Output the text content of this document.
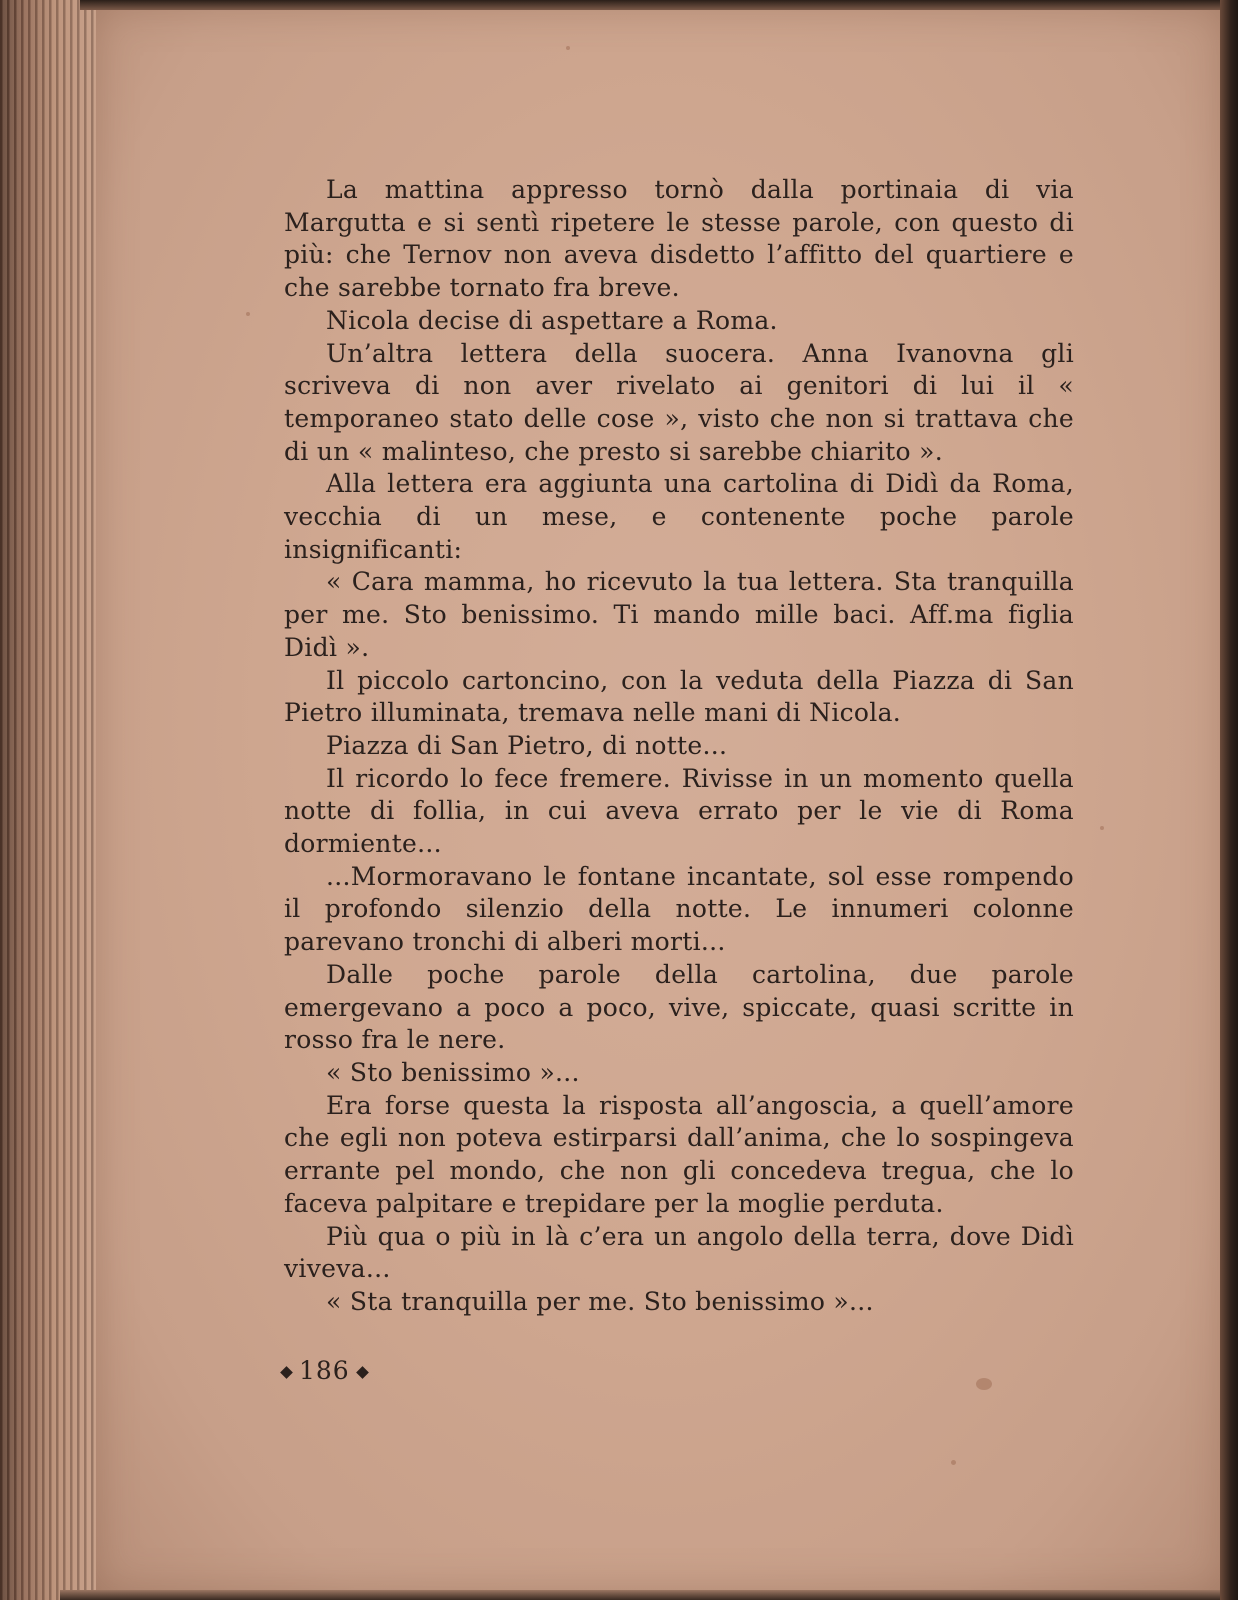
La mattina appresso tornò dalla portinaia di via Margutta e si sentì ripetere le stesse parole, con questo di più: che Ternov non aveva disdetto l’affitto del quartiere e che sarebbe tornato fra breve.

Nicola decise di aspettare a Roma.

Un’altra lettera della suocera. Anna Ivanovna gli scriveva di non aver rivelato ai genitori di lui il « temporaneo stato delle cose », visto che non si trattava che di un « malinteso, che presto si sarebbe chiarito ».

Alla lettera era aggiunta una cartolina di Didì da Roma, vecchia di un mese, e contenente poche parole insignificanti:

« Cara mamma, ho ricevuto la tua lettera. Sta tranquilla per me. Sto benissimo. Ti mando mille baci. Aff.ma figlia Didì ».

Il piccolo cartoncino, con la veduta della Piazza di San Pietro illuminata, tremava nelle mani di Nicola.

Piazza di San Pietro, di notte...

Il ricordo lo fece fremere. Rivisse in un momento quella notte di follia, in cui aveva errato per le vie di Roma dormiente...

...Mormoravano le fontane incantate, sol esse rompendo il profondo silenzio della notte. Le innumeri colonne parevano tronchi di alberi morti...

Dalle poche parole della cartolina, due parole emergevano a poco a poco, vive, spiccate, quasi scritte in rosso fra le nere.

« Sto benissimo »...

Era forse questa la risposta all’angoscia, a quell’amore che egli non poteva estirparsi dall’anima, che lo sospingeva errante pel mondo, che non gli concedeva tregua, che lo faceva palpitare e trepidare per la moglie perduta.

Più qua o più in là c’era un angolo della terra, dove Didì viveva...

« Sta tranquilla per me. Sto benissimo »...

186
